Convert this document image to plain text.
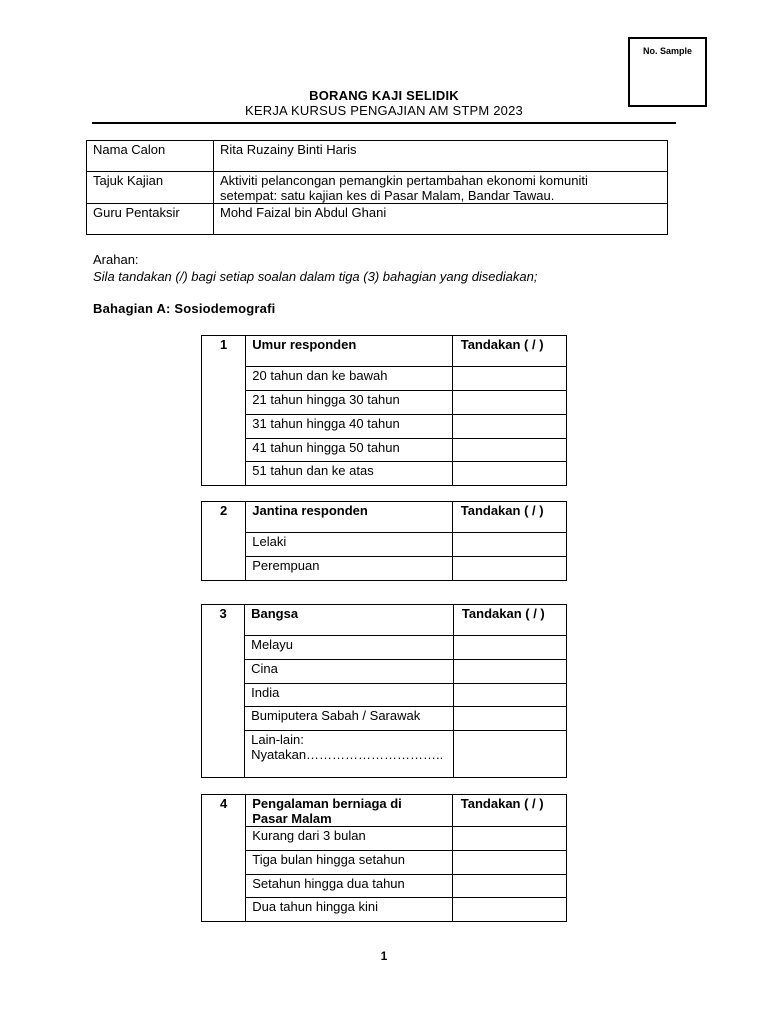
No. Sample
BORANG KAJI SELIDIK
KERJA KURSUS PENGAJIAN AM STPM 2023
Nama Calon	Rita Ruzainy Binti Haris
Tajuk Kajian	Aktiviti pelancongan pemangkin pertambahan ekonomi komuniti
setempat: satu kajian kes di Pasar Malam, Bandar Tawau.

Guru Pentaksir	Mohd Faizal bin Abdul Ghani
Arahan:
Sila tandakan (/) bagi setiap soalan dalam tiga (3) bahagian yang disediakan;
Bahagian A: Sosiodemografi
1	Umur responden	Tandakan ( / )
	20 tahun dan ke bawah	
	21 tahun hingga 30 tahun	
	31 tahun hingga 40 tahun	
	41 tahun hingga 50 tahun	
	51 tahun dan ke atas	
2	Jantina responden	Tandakan ( / )
	Lelaki	
	Perempuan	
3	Bangsa	Tandakan ( / )
	Melayu	
	Cina	
	India	
	Bumiputera Sabah / Sarawak	

	Lain-lain:
Nyatakan…………………………..	

4	Pengalaman berniaga di
Pasar Malam	Tandakan ( / )
	Kurang dari 3 bulan	
	Tiga bulan hingga setahun	
	Setahun hingga dua tahun	
	Dua tahun hingga kini	
1
